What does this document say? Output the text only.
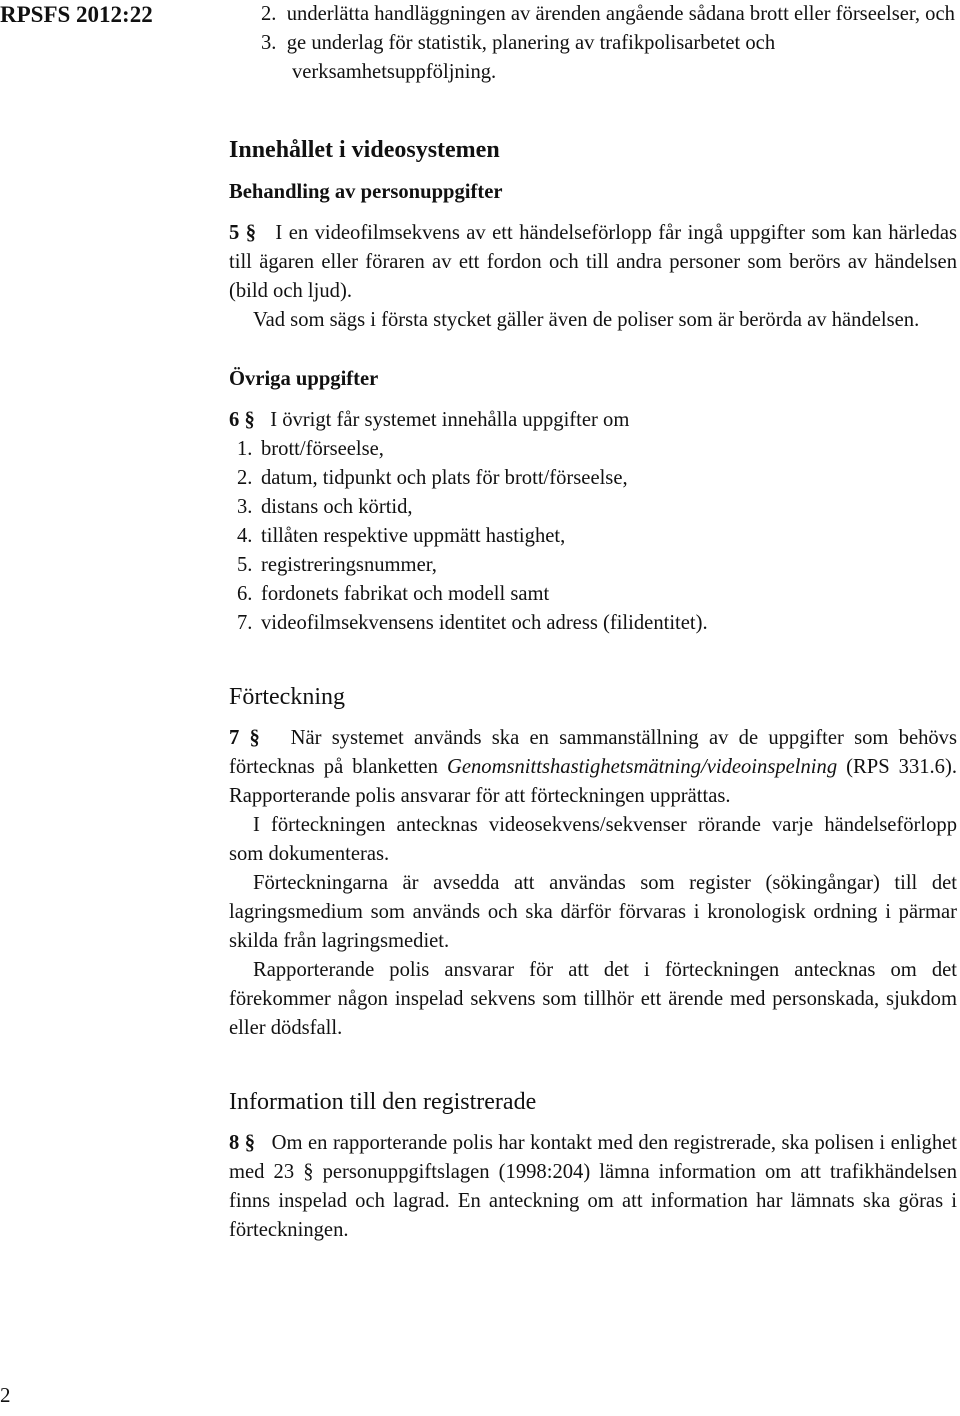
RPSFS 2012:22	2. underlätta handläggningen av ärenden angående sådana brott eller förseelser, och
3. ge underlag för statistik, planering av trafikpolisarbetet och verksamhetsuppföljning.
Innehållet i videosystemen
Behandling av personuppgifter

5 § I en videofilmsekvens av ett händelseförlopp får ingå uppgifter som kan härledas till ägaren eller föraren av ett fordon och till andra personer som berörs av händelsen (bild och ljud).

Vad som sägs i första stycket gäller även de poliser som är berörda av händelsen.

Övriga uppgifter

6 § I övrigt får systemet innehålla uppgifter om

1. brott/förseelse,
2. datum, tidpunkt och plats för brott/förseelse,
3. distans och körtid,
4. tillåten respektive uppmätt hastighet,
5. registreringsnummer,
6. fordonets fabrikat och modell samt
7. videofilmsekvensens identitet och adress (filidentitet).
Förteckning

7 § När systemet används ska en sammanställning av de uppgifter som behövs förtecknas på blanketten Genomsnittshastighetsmätning/videoinspelning (RPS 331.6). Rapporterande polis ansvarar för att förteckningen upprättas.

I förteckningen antecknas videosekvens/sekvenser rörande varje händelseförlopp som dokumenteras.

Förteckningarna är avsedda att användas som register (sökingångar) till det lagringsmedium som används och ska därför förvaras i kronologisk ordning i pärmar skilda från lagringsmediet.

Rapporterande polis ansvarar för att det i förteckningen antecknas om det förekommer någon inspelad sekvens som tillhör ett ärende med personskada, sjukdom eller dödsfall.

Information till den registrerade

8 § Om en rapporterande polis har kontakt med den registrerade, ska polisen i enlighet med 23 § personuppgiftslagen (1998:204) lämna information om att trafikhändelsen finns inspelad och lagrad. En anteckning om att information har lämnats ska göras i förteckningen.

2
